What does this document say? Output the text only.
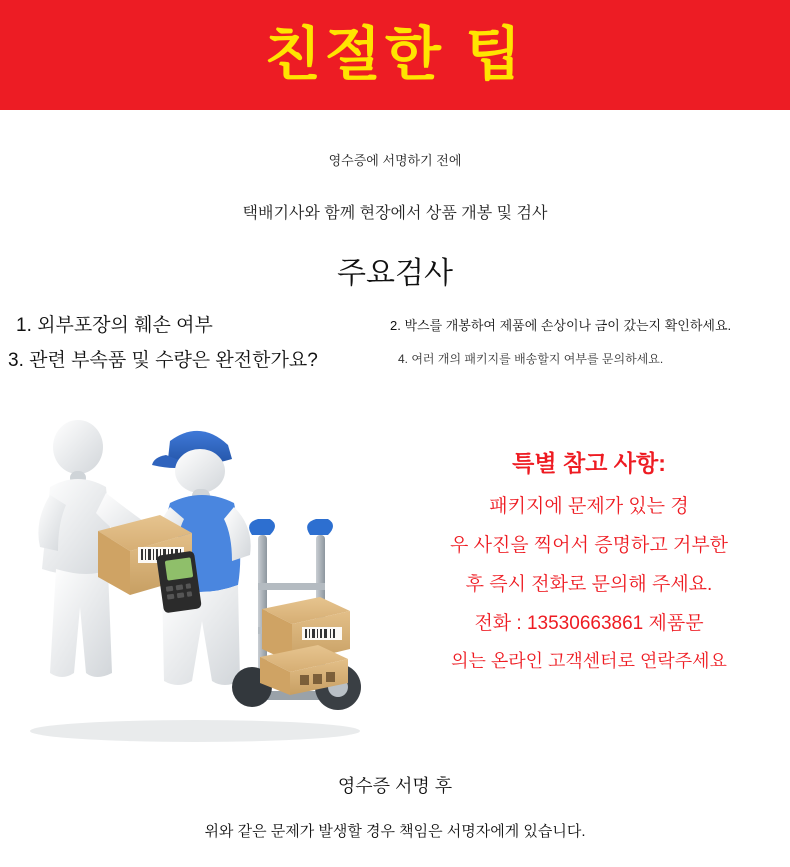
친절한 팁
영수증에 서명하기 전에
택배기사와 함께 현장에서 상품 개봉 및 검사
주요검사
1. 외부포장의 훼손 여부	2. 박스를 개봉하여 제품에 손상이나 금이 갔는지 확인하세요.
3. 관련 부속품 및 수량은 완전한가요?	4. 여러 개의 패키지를 배송할지 여부를 문의하세요.
특별 참고 사항:
패키지에 문제가 있는 경
우 사진을 찍어서 증명하고 거부한
후 즉시 전화로 문의해 주세요.
전화 : 13530663861 제품문
의는 온라인 고객센터로 연락주세요
영수증 서명 후
위와 같은 문제가 발생할 경우 책임은 서명자에게 있습니다.
